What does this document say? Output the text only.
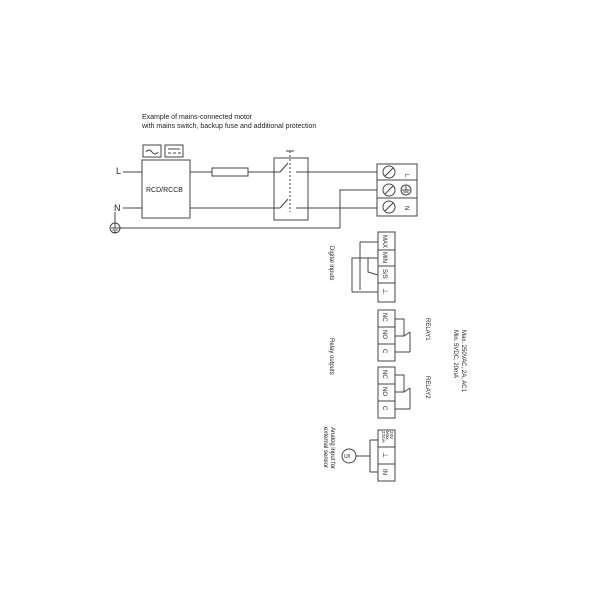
Example of mains-connected motor
with mains switch, backup fuse and additional protection
L
N
RCD/RCCB
L
N
Digital inputs
Relay outputs
Analog input for
external sensor
MAX
MIN
S/S
⊥
NC
NO
C
NC
NO
C
RELAY1
RELAY2	Max. 250VAC, 2A, AC1
Min. 5VDC, 20mA
24V Max. 22mA
⊥
IN
U/I
